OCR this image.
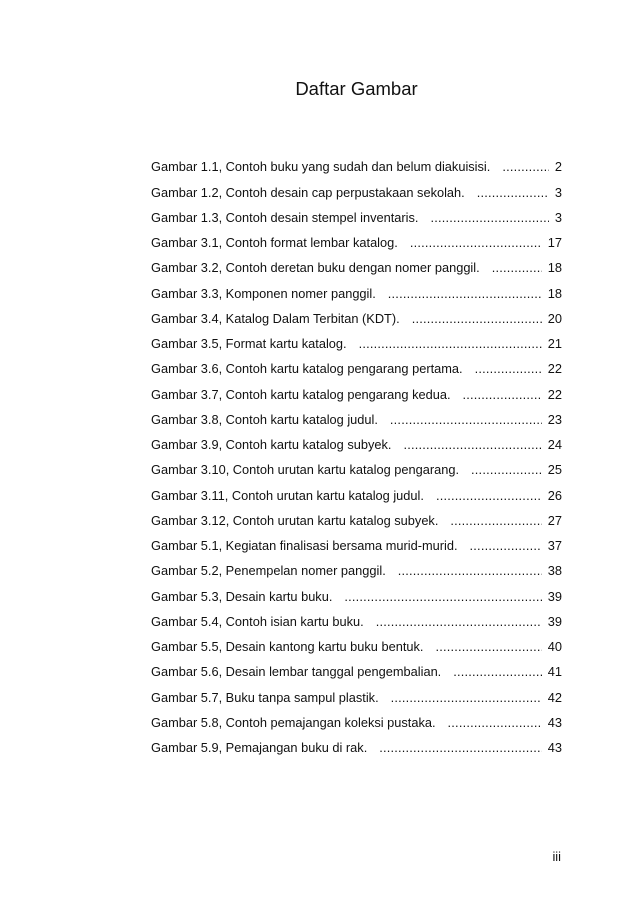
Daftar Gambar
Gambar 1.1, Contoh buku yang sudah dan belum diakuisisi. .....	2
Gambar 1.2, Contoh desain cap perpustakaan sekolah. .....	3
Gambar 1.3, Contoh desain stempel inventaris. .....	3
Gambar 3.1, Contoh format lembar katalog. .....	17
Gambar 3.2, Contoh deretan buku dengan nomer panggil. .....	18
Gambar 3.3, Komponen nomer panggil. .....	18
Gambar 3.4, Katalog Dalam Terbitan (KDT). .....	20
Gambar 3.5, Format kartu katalog. .....	21
Gambar 3.6, Contoh kartu katalog pengarang pertama. .....	22
Gambar 3.7, Contoh kartu katalog pengarang kedua. .....	22
Gambar 3.8, Contoh kartu katalog judul. .....	23
Gambar 3.9, Contoh kartu katalog subyek. .....	24
Gambar 3.10, Contoh urutan kartu katalog pengarang. .....	25
Gambar 3.11, Contoh urutan kartu katalog judul. .....	26
Gambar 3.12, Contoh urutan kartu katalog subyek. .....	27
Gambar 5.1, Kegiatan finalisasi bersama murid-murid. .....	37
Gambar 5.2, Penempelan nomer panggil. .....	38
Gambar 5.3, Desain kartu buku. .....	39
Gambar 5.4, Contoh isian kartu buku. .....	39
Gambar 5.5, Desain kantong kartu buku bentuk. .....	40
Gambar 5.6, Desain lembar tanggal pengembalian. .....	41
Gambar 5.7, Buku tanpa sampul plastik. .....	42
Gambar 5.8, Contoh pemajangan koleksi pustaka. .....	43
Gambar 5.9, Pemajangan buku di rak. .....	43
iii
